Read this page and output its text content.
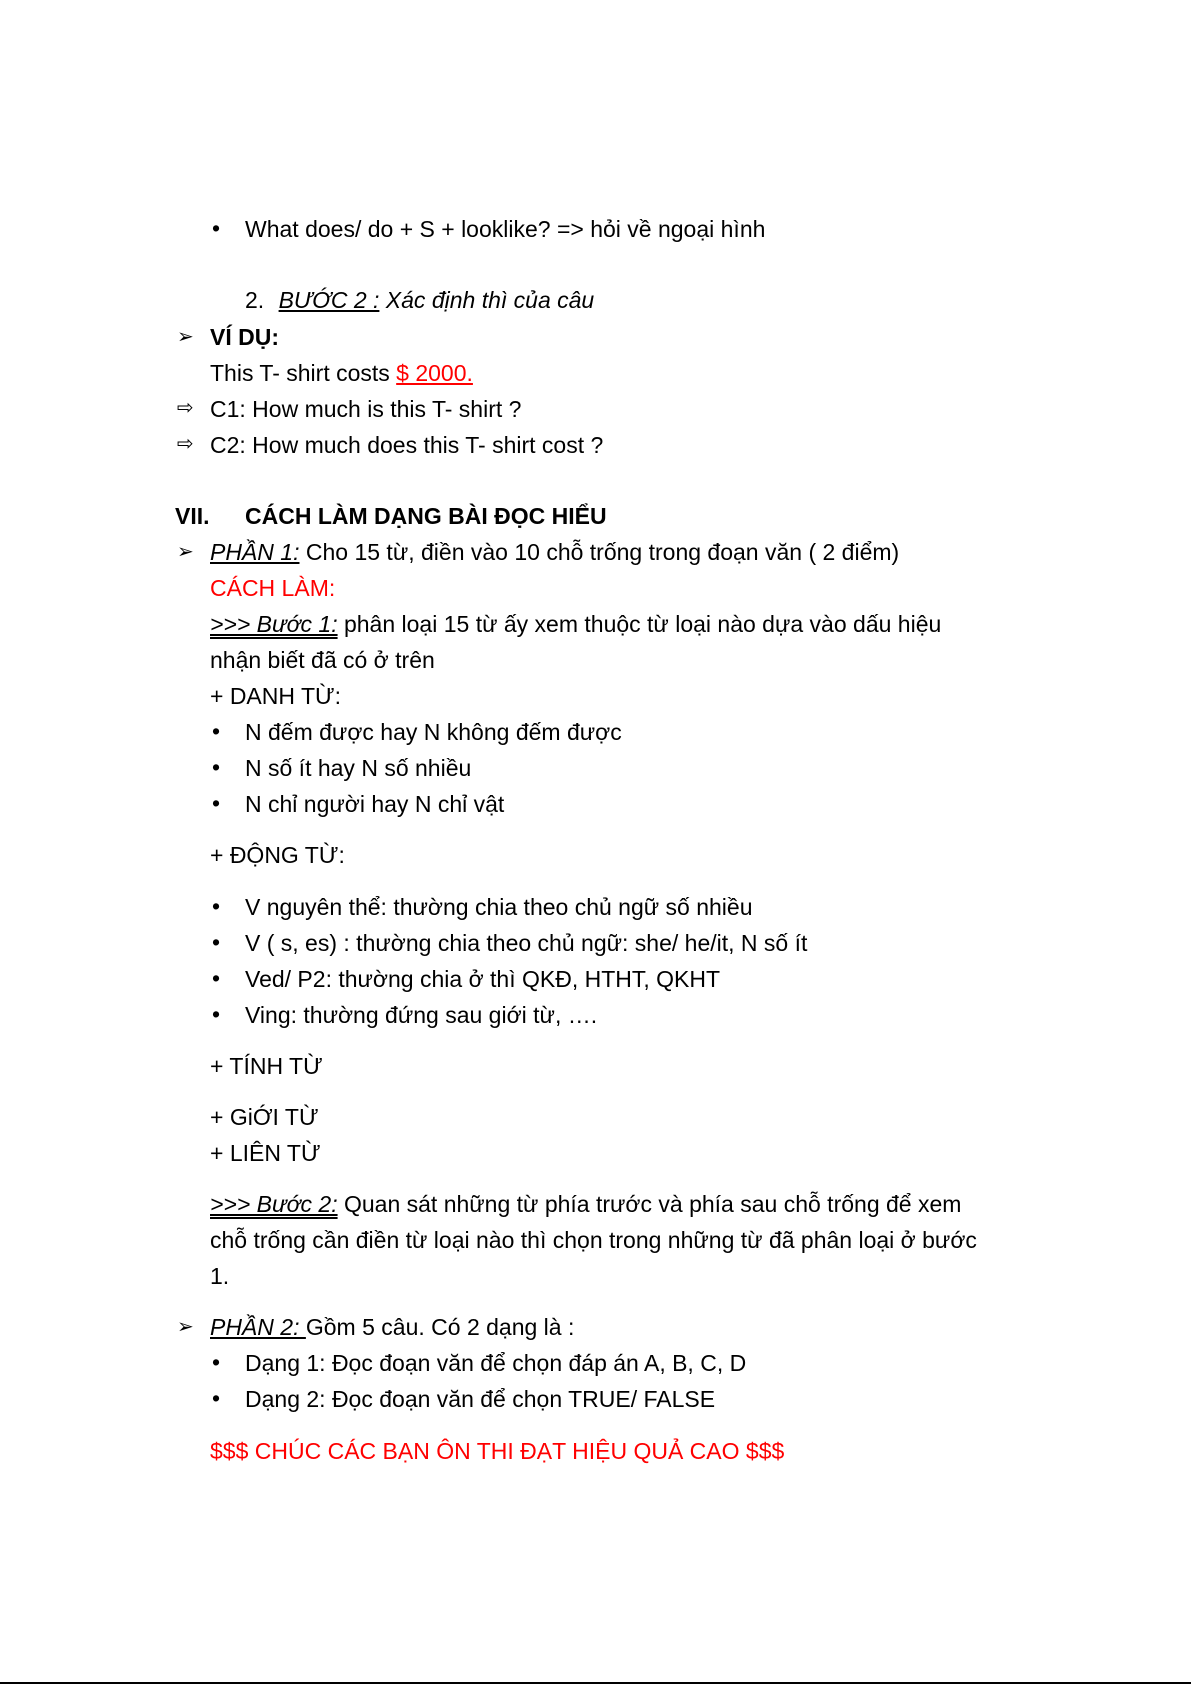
•	What does/ do + S + looklike? => hỏi về ngoại hình
2. BƯỚC 2 : Xác định thì của câu
➢ VÍ DỤ:
This T- shirt costs $ 2000.
⇨ C1: How much is this T- shirt ?
⇨ C2: How much does this T- shirt cost ?
VII. CÁCH LÀM DẠNG BÀI ĐỌC HIỂU
➢ PHẦN 1: Cho 15 từ, điền vào 10 chỗ trống trong đoạn văn ( 2 điểm)
CÁCH LÀM:
>>> Bước 1: phân loại 15 từ ấy xem thuộc từ loại nào dựa vào dấu hiệu
nhận biết đã có ở trên
+ DANH TỪ:
•	N đếm được hay N không đếm được
•	N số ít hay N số nhiều
•	N chỉ người hay N chỉ vật
+ ĐỘNG TỪ:
•	V nguyên thể: thường chia theo chủ ngữ số nhiều
•	V ( s, es) : thường chia theo chủ ngữ: she/ he/it, N số ít
•	Ved/ P2: thường chia ở thì QKĐ, HTHT, QKHT
•	Ving: thường đứng sau giới từ, ….
+ TÍNH TỪ
+ GiỚI TỪ
+ LIÊN TỪ
>>> Bước 2: Quan sát những từ phía trước và phía sau chỗ trống để xem
chỗ trống cần điền từ loại nào thì chọn trong những từ đã phân loại ở bước
1.
➢ PHẦN 2: Gồm 5 câu. Có 2 dạng là :
•	Dạng 1: Đọc đoạn văn để chọn đáp án A, B, C, D
•	Dạng 2: Đọc đoạn văn để chọn TRUE/ FALSE
$$$ CHÚC CÁC BẠN ÔN THI ĐẠT HIỆU QUẢ CAO $$$
